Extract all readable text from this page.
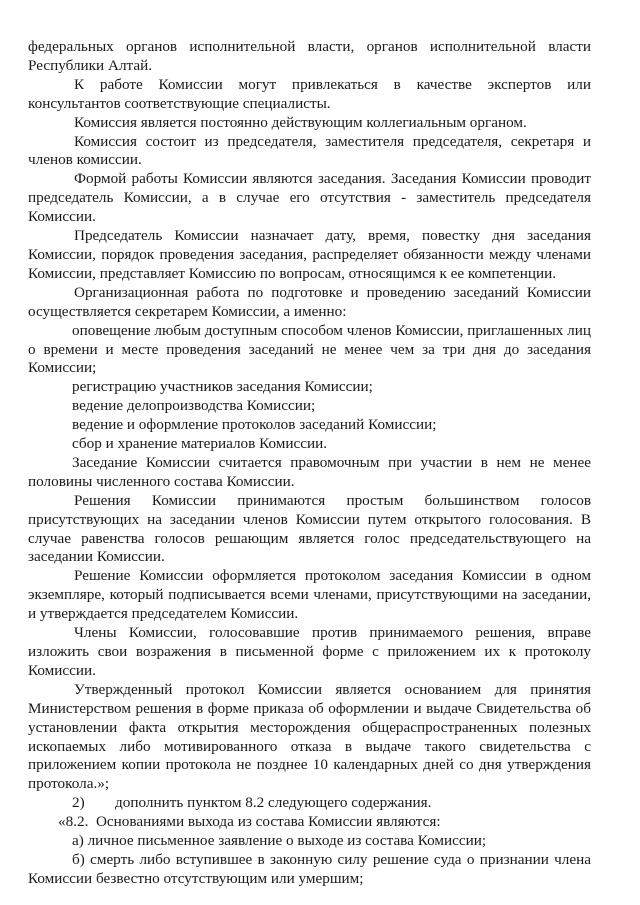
федеральных органов исполнительной власти, органов исполнительной власти Республики Алтай.

К работе Комиссии могут привлекаться в качестве экспертов или консультантов соответствующие специалисты.

Комиссия является постоянно действующим коллегиальным органом.

Комиссия состоит из председателя, заместителя председателя, секретаря и членов комиссии.

Формой работы Комиссии являются заседания. Заседания Комиссии проводит председатель Комиссии, а в случае его отсутствия - заместитель председателя Комиссии.

Председатель Комиссии назначает дату, время, повестку дня заседания Комиссии, порядок проведения заседания, распределяет обязанности между членами Комиссии, представляет Комиссию по вопросам, относящимся к ее компетенции.

Организационная работа по подготовке и проведению заседаний Комиссии осуществляется секретарем Комиссии, а именно:

оповещение любым доступным способом членов Комиссии, приглашенных лиц о времени и месте проведения заседаний не менее чем за три дня до заседания Комиссии;

регистрацию участников заседания Комиссии;

ведение делопроизводства Комиссии;

ведение и оформление протоколов заседаний Комиссии;

сбор и хранение материалов Комиссии.

Заседание Комиссии считается правомочным при участии в нем не менее половины численного состава Комиссии.

Решения Комиссии принимаются простым большинством голосов присутствующих на заседании членов Комиссии путем открытого голосования. В случае равенства голосов решающим является голос председательствующего на заседании Комиссии.

Решение Комиссии оформляется протоколом заседания Комиссии в одном экземпляре, который подписывается всеми членами, присутствующими на заседании, и утверждается председателем Комиссии.

Члены Комиссии, голосовавшие против принимаемого решения, вправе изложить свои возражения в письменной форме с приложением их к протоколу Комиссии.

Утвержденный протокол Комиссии является основанием для принятия Министерством решения в форме приказа об оформлении и выдаче Свидетельства об установлении факта открытия месторождения общераспространенных полезных ископаемых либо мотивированного отказа в выдаче такого свидетельства с приложением копии протокола не позднее 10 календарных дней со дня утверждения протокола.»;

2)        дополнить пунктом 8.2 следующего содержания.

«8.2.  Основаниями выхода из состава Комиссии являются:

а) личное письменное заявление о выходе из состава Комиссии;

б) смерть либо вступившее в законную силу решение суда о признании члена Комиссии безвестно отсутствующим или умершим;
